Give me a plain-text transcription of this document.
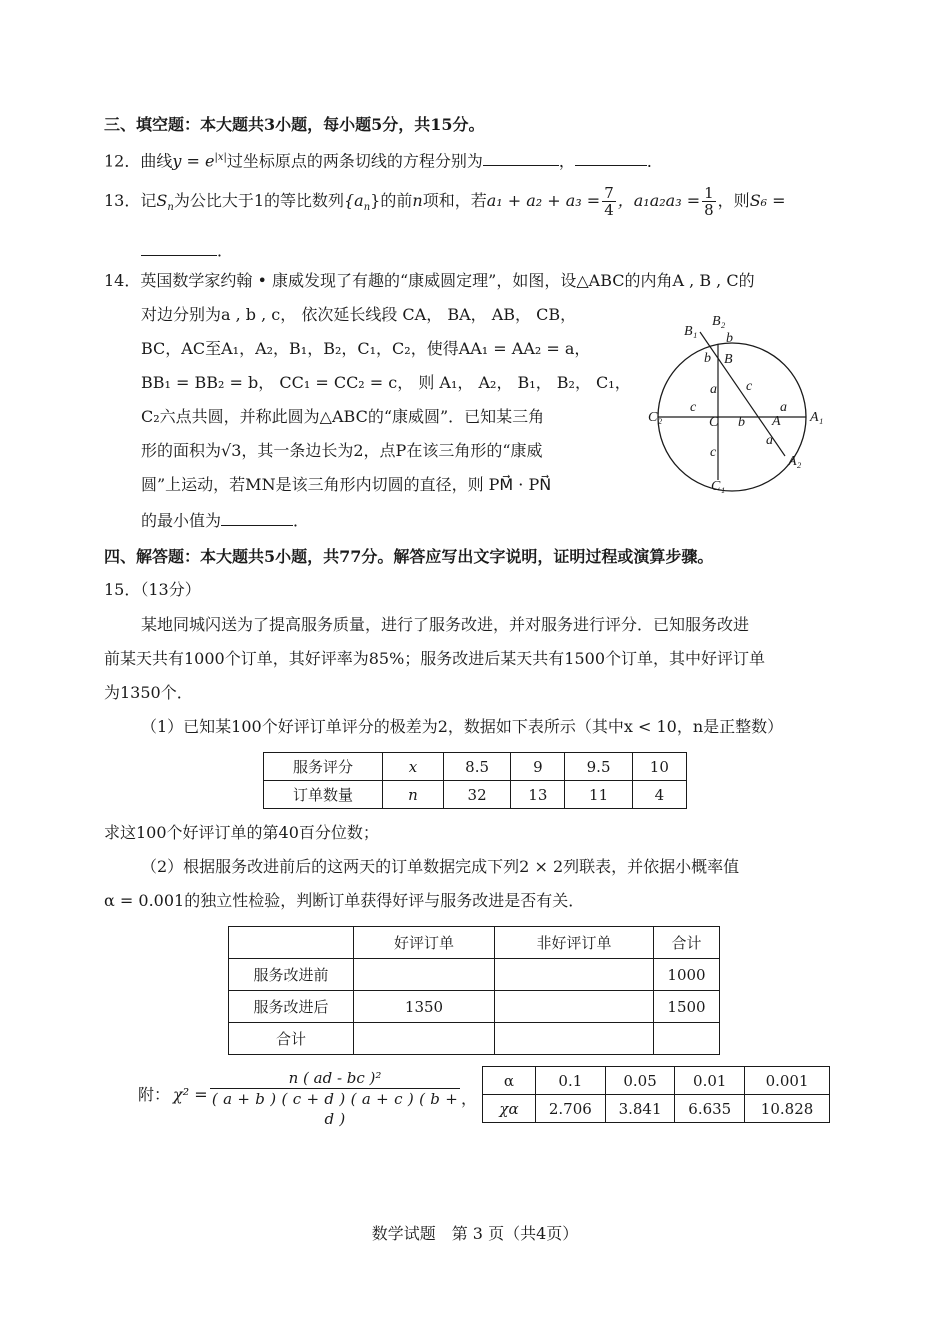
三、填空题：本大题共3小题，每小题5分，共15分。
12．曲线$y = e^{|x|}$过坐标原点的两条切线的方程分别为	，	．
13．记$S_n$为公比大于1的等比数列$\{a_n\}$的前n项和，若$a_1 + a_2 + a_3 = \frac{7}{4}$ ，$a_1a_2a_3 = \frac{1}{8}$ ，则S₆ =
．
14．英国数学家约翰 • 康威发现了有趣的“康威圆定理”，如图，设△ABC的内角A , B , C的
对边分别为a , b , c， 依次延长线段 CA， BA， AB， CB，
BC，AC至A₁，A₂，B₁，B₂，C₁，C₂，使得AA₁ = AA₂ = a，
BB₁ = BB₂ = b， CC₁ = CC₂ = c， 则 A₁， A₂， B₁， B₂， C₁，
C₂六点共圆，并称此圆为△ABC的“康威圆”．已知某三角
形的面积为√3，其一条边长为2，点P在该三角形的“康威
圆”上运动，若MN是该三角形内切圆的直径，则 PM⃗ · PN⃗
的最小值为	．
B₁
B₂
B
A A₁
A₂
C
C₁
C₂
b
b
a c
c
b
a
a
c
四、解答题：本大题共5小题，共77分。解答应写出文字说明，证明过程或演算步骤。
15．（13分）
某地同城闪送为了提高服务质量，进行了服务改进，并对服务进行评分．已知服务改进
前某天共有1000个订单，其好评率为85%；服务改进后某天共有1500个订单，其中好评订单
为1350个．
（1）已知某100个好评订单评分的极差为2，数据如下表所示（其中x < 10，n是正整数）
服务评分	x	8.5	9	9.5	10
订单数量	n	32	13	11	4
求这100个好评订单的第40百分位数；
（2）根据服务改进前后的这两天的订单数据完成下列2 × 2列联表，并依据小概率值
α = 0.001的独立性检验，判断订单获得好评与服务改进是否有关．
	好评订单	非好评订单	合计
服务改进前			1000
服务改进后	1350		1500
合计			
附： $\chi^2 = \frac{\text{n ( ad - bc )²}}{( a + b ) ( c + d ) ( a + c ) ( b + d )}$ ，
α	0.1	0.05	0.01	0.001
χα	2.706	3.841	6.635	10.828
数学试题　第 3 页（共4页）
